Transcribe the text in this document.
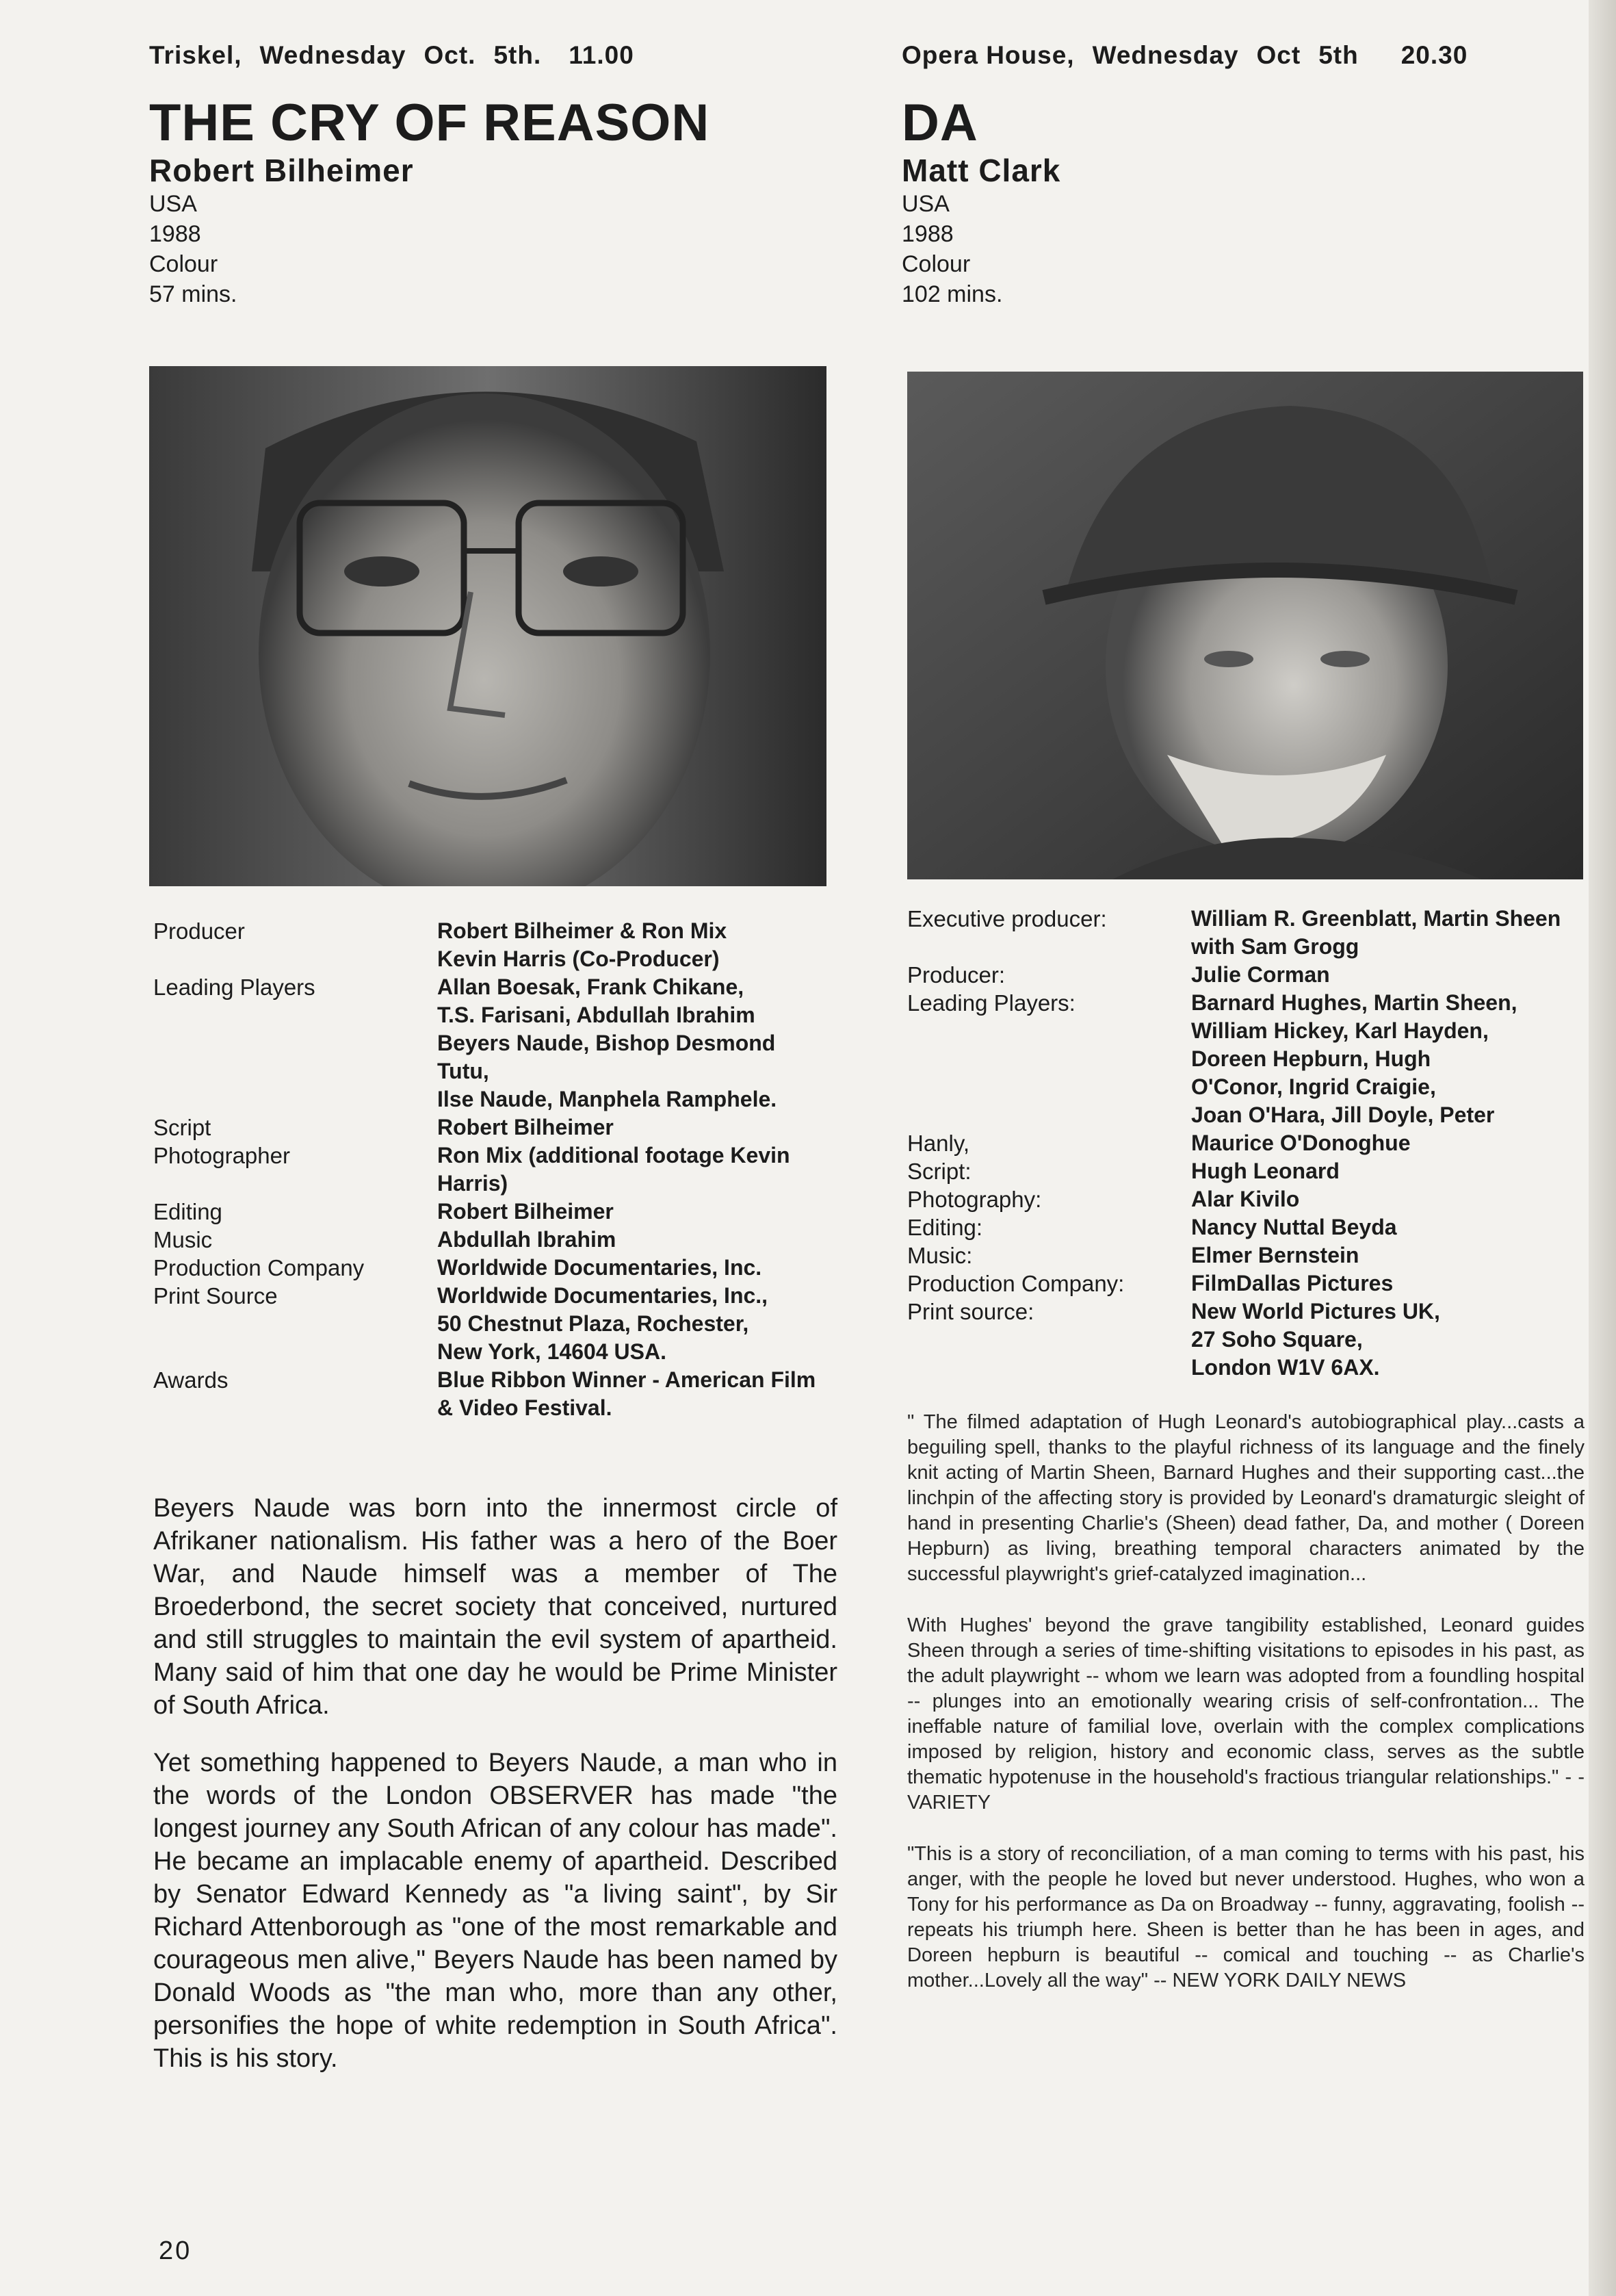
Triskel, Wednesday Oct. 5th. 11.00
THE CRY OF REASON
Robert Bilheimer
USA
1988
Colour
57 mins.
Producer	Robert Bilheimer & Ron Mix
Kevin Harris (Co-Producer)
Leading Players	Allan Boesak, Frank Chikane,
T.S. Farisani, Abdullah Ibrahim
Beyers Naude, Bishop Desmond
Tutu,
Ilse Naude, Manphela Ramphele.
Script	Robert Bilheimer
Photographer	Ron Mix (additional footage Kevin
Harris)
Editing	Robert Bilheimer
Music	Abdullah Ibrahim
Production Company	Worldwide Documentaries, Inc.
Print Source	Worldwide Documentaries, Inc.,
50 Chestnut Plaza, Rochester,
New York, 14604 USA.
Awards	Blue Ribbon Winner - American Film
& Video Festival.

Beyers Naude was born into the innermost circle of Afrikaner nationalism. His father was a hero of the Boer War, and Naude himself was a member of The Broederbond, the secret society that conceived, nurtured and still struggles to maintain the evil system of apartheid. Many said of him that one day he would be Prime Minister of South Africa.

Yet something happened to Beyers Naude, a man who in the words of the London OBSERVER has made "the longest journey any South African of any colour has made". He became an implacable enemy of apartheid. Described by Senator Edward Kennedy as "a living saint", by Sir Richard Attenborough as "one of the most remarkable and courageous men alive," Beyers Naude has been named by Donald Woods as "the man who, more than any other, personifies the hope of white redemption in South Africa". This is his story.

Opera House, Wednesday Oct 5th 20.30
DA
Matt Clark
USA
1988
Colour
102 mins.
Executive producer:	William R. Greenblatt, Martin Sheen
with Sam Grogg
Producer:	Julie Corman
Leading Players:	Barnard Hughes, Martin Sheen,
William Hickey, Karl Hayden,
Doreen Hepburn, Hugh
O'Conor, Ingrid Craigie,
Joan O'Hara, Jill Doyle, Peter
Hanly,	Maurice O'Donoghue
Script:	Hugh Leonard
Photography:	Alar Kivilo
Editing:	Nancy Nuttal Beyda
Music:	Elmer Bernstein
Production Company:	FilmDallas Pictures
Print source:	New World Pictures UK,
27 Soho Square,
London W1V 6AX.

" The filmed adaptation of Hugh Leonard's autobiographical play...casts a beguiling spell, thanks to the playful richness of its language and the finely knit acting of Martin Sheen, Barnard Hughes and their supporting cast...the linchpin of the affecting story is provided by Leonard's dramaturgic sleight of hand in presenting Charlie's (Sheen) dead father, Da, and mother ( Doreen Hepburn) as living, breathing temporal characters animated by the successful playwright's grief-catalyzed imagination...

With Hughes' beyond the grave tangibility established, Leonard guides Sheen through a series of time-shifting visitations to episodes in his past, as the adult playwright -- whom we learn was adopted from a foundling hospital -- plunges into an emotionally wearing crisis of self-confrontation... The ineffable nature of familial love, overlain with the complex complications imposed by religion, history and economic class, serves as the subtle thematic hypotenuse in the household's fractious triangular relationships." - - VARIETY

"This is a story of reconciliation, of a man coming to terms with his past, his anger, with the people he loved but never understood. Hughes, who won a Tony for his performance as Da on Broadway -- funny, aggravating, foolish -- repeats his triumph here. Sheen is better than he has been in ages, and Doreen hepburn is beautiful -- comical and touching -- as Charlie's mother...Lovely all the way" -- NEW YORK DAILY NEWS

20
